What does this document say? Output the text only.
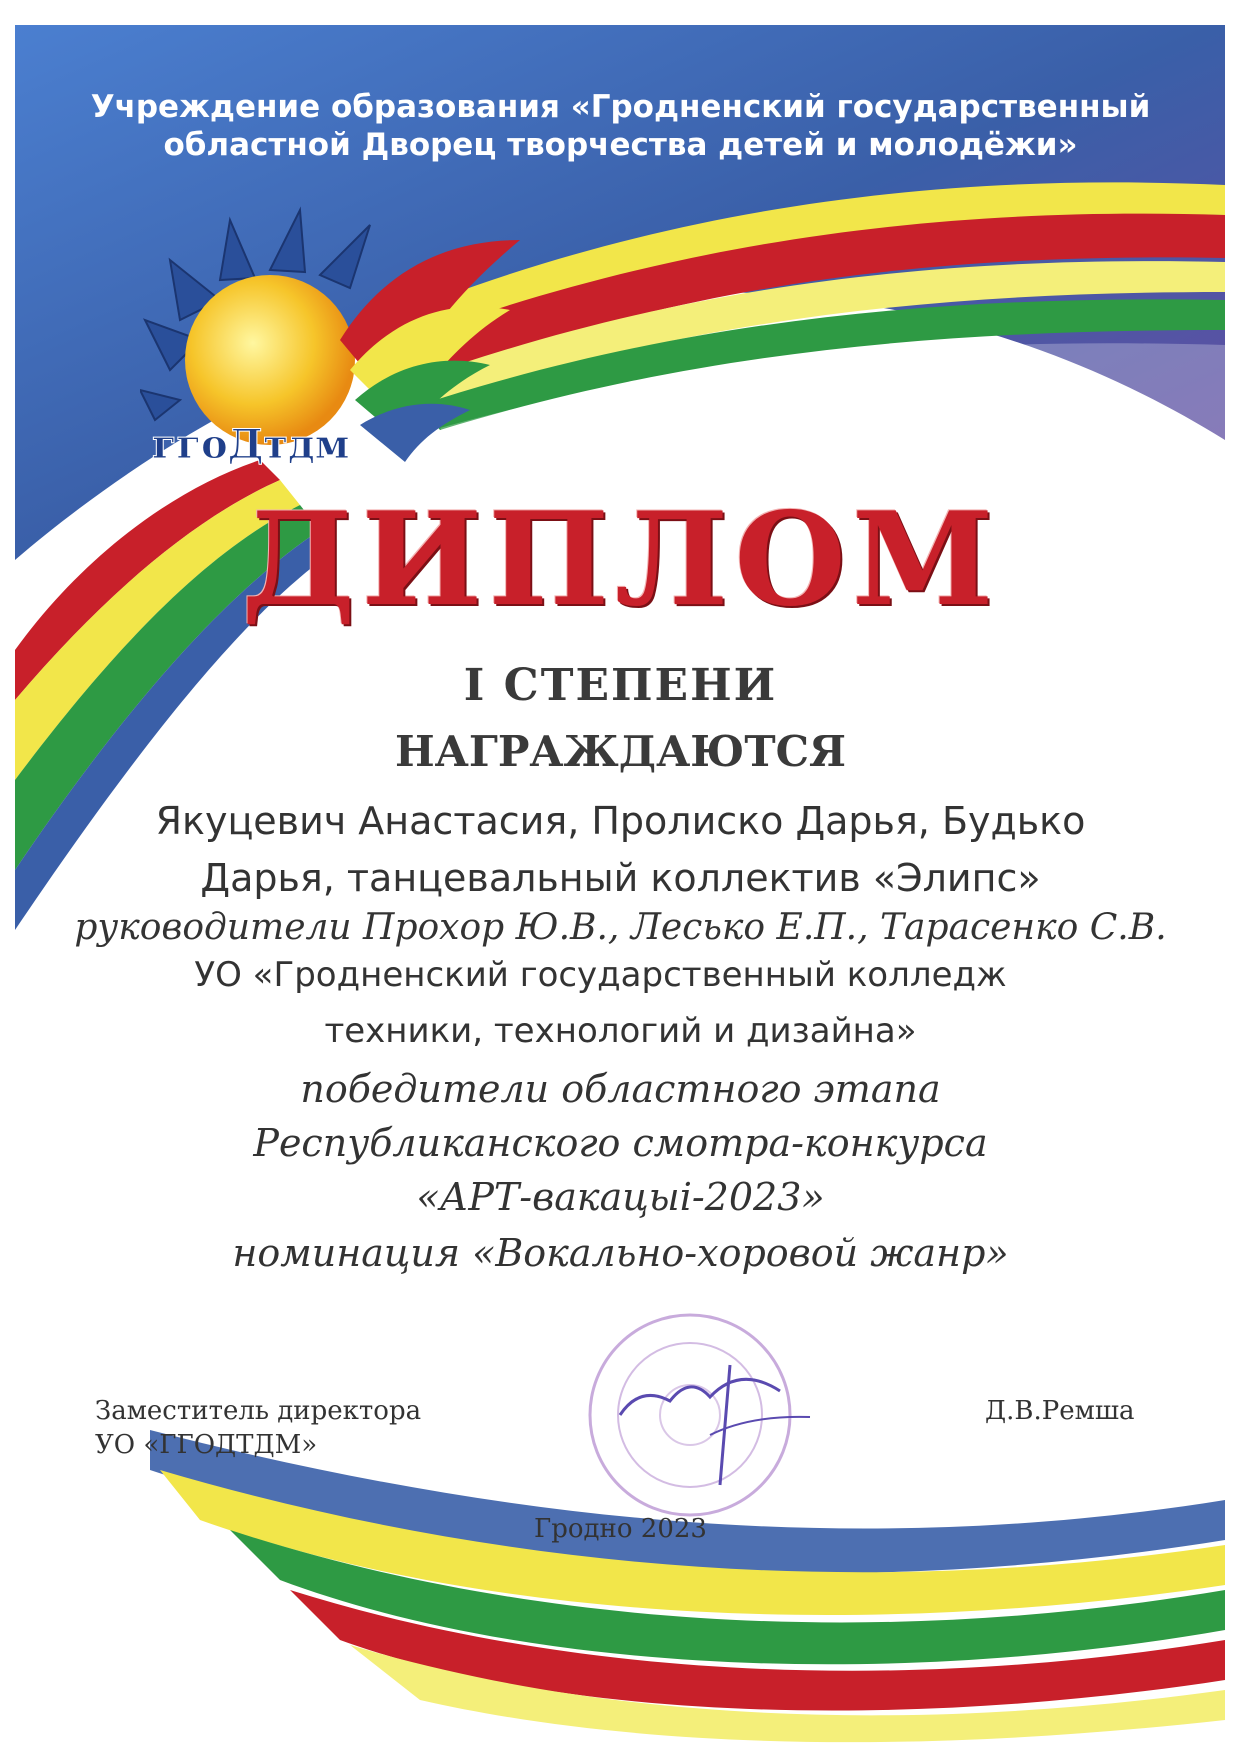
Учреждение образования «Гродненский государственный
областной Дворец творчества детей и молодёжи»
ггоДтдм
ДИПЛОМ
I СТЕПЕНИ
НАГРАЖДАЮТСЯ
Якуцевич Анастасия, Пролиско Дарья, Будько
Дарья, танцевальный коллектив «Элипс»
руководители Прохор Ю.В., Лесько Е.П., Тарасенко С.В.
УО «Гродненский государственный колледж
техники, технологий и дизайна»
победители областного этапа
Республиканского смотра-конкурса
«АРТ-вакацыі-2023»
номинация «Вокально-хоровой жанр»
Заместитель директора
УО «ГГОДТДМ»
Д.В.Ремша
Гродно 2023
